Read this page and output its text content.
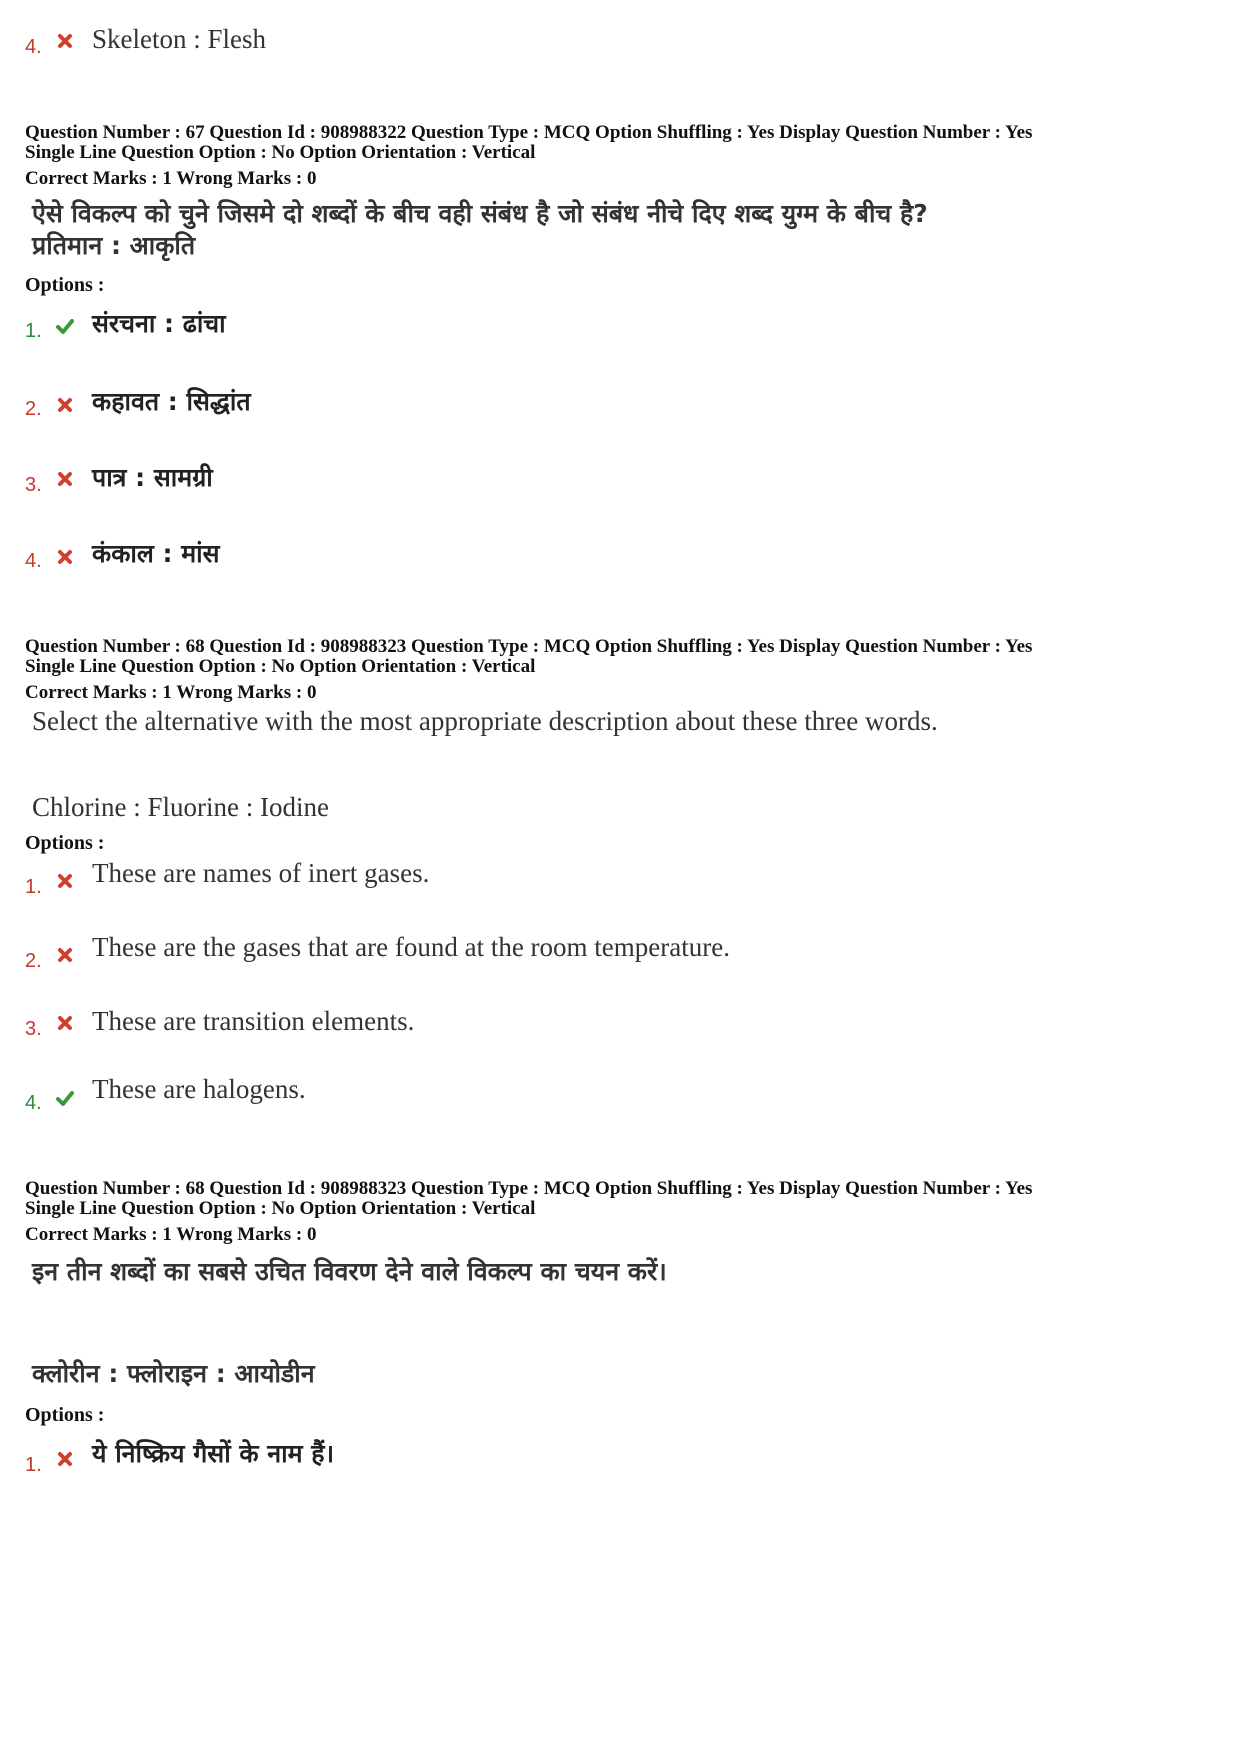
4. Skeleton : Flesh
Question Number : 67 Question Id : 908988322 Question Type : MCQ Option Shuffling : Yes Display Question Number : Yes
Single Line Question Option : No Option Orientation : Vertical
Correct Marks : 1 Wrong Marks : 0
ऐसे विकल्प को चुने जिसमे दो शब्दों के बीच वही संबंध है जो संबंध नीचे दिए शब्द युग्म के बीच है?
प्रतिमान : आकृति
Options :
1. संरचना : ढांचा
2. कहावत : सिद्धांत
3. पात्र : सामग्री
4. कंकाल : मांस
Question Number : 68 Question Id : 908988323 Question Type : MCQ Option Shuffling : Yes Display Question Number : Yes
Single Line Question Option : No Option Orientation : Vertical
Correct Marks : 1 Wrong Marks : 0
Select the alternative with the most appropriate description about these three words.
Chlorine : Fluorine : Iodine
Options :
1. These are names of inert gases.
2. These are the gases that are found at the room temperature.
3. These are transition elements.
4. These are halogens.
Question Number : 68 Question Id : 908988323 Question Type : MCQ Option Shuffling : Yes Display Question Number : Yes
Single Line Question Option : No Option Orientation : Vertical
Correct Marks : 1 Wrong Marks : 0
इन तीन शब्दों का सबसे उचित विवरण देने वाले विकल्प का चयन करें।
क्लोरीन : फ्लोराइन : आयोडीन
Options :
1. ये निष्क्रिय गैसों के नाम हैं।
